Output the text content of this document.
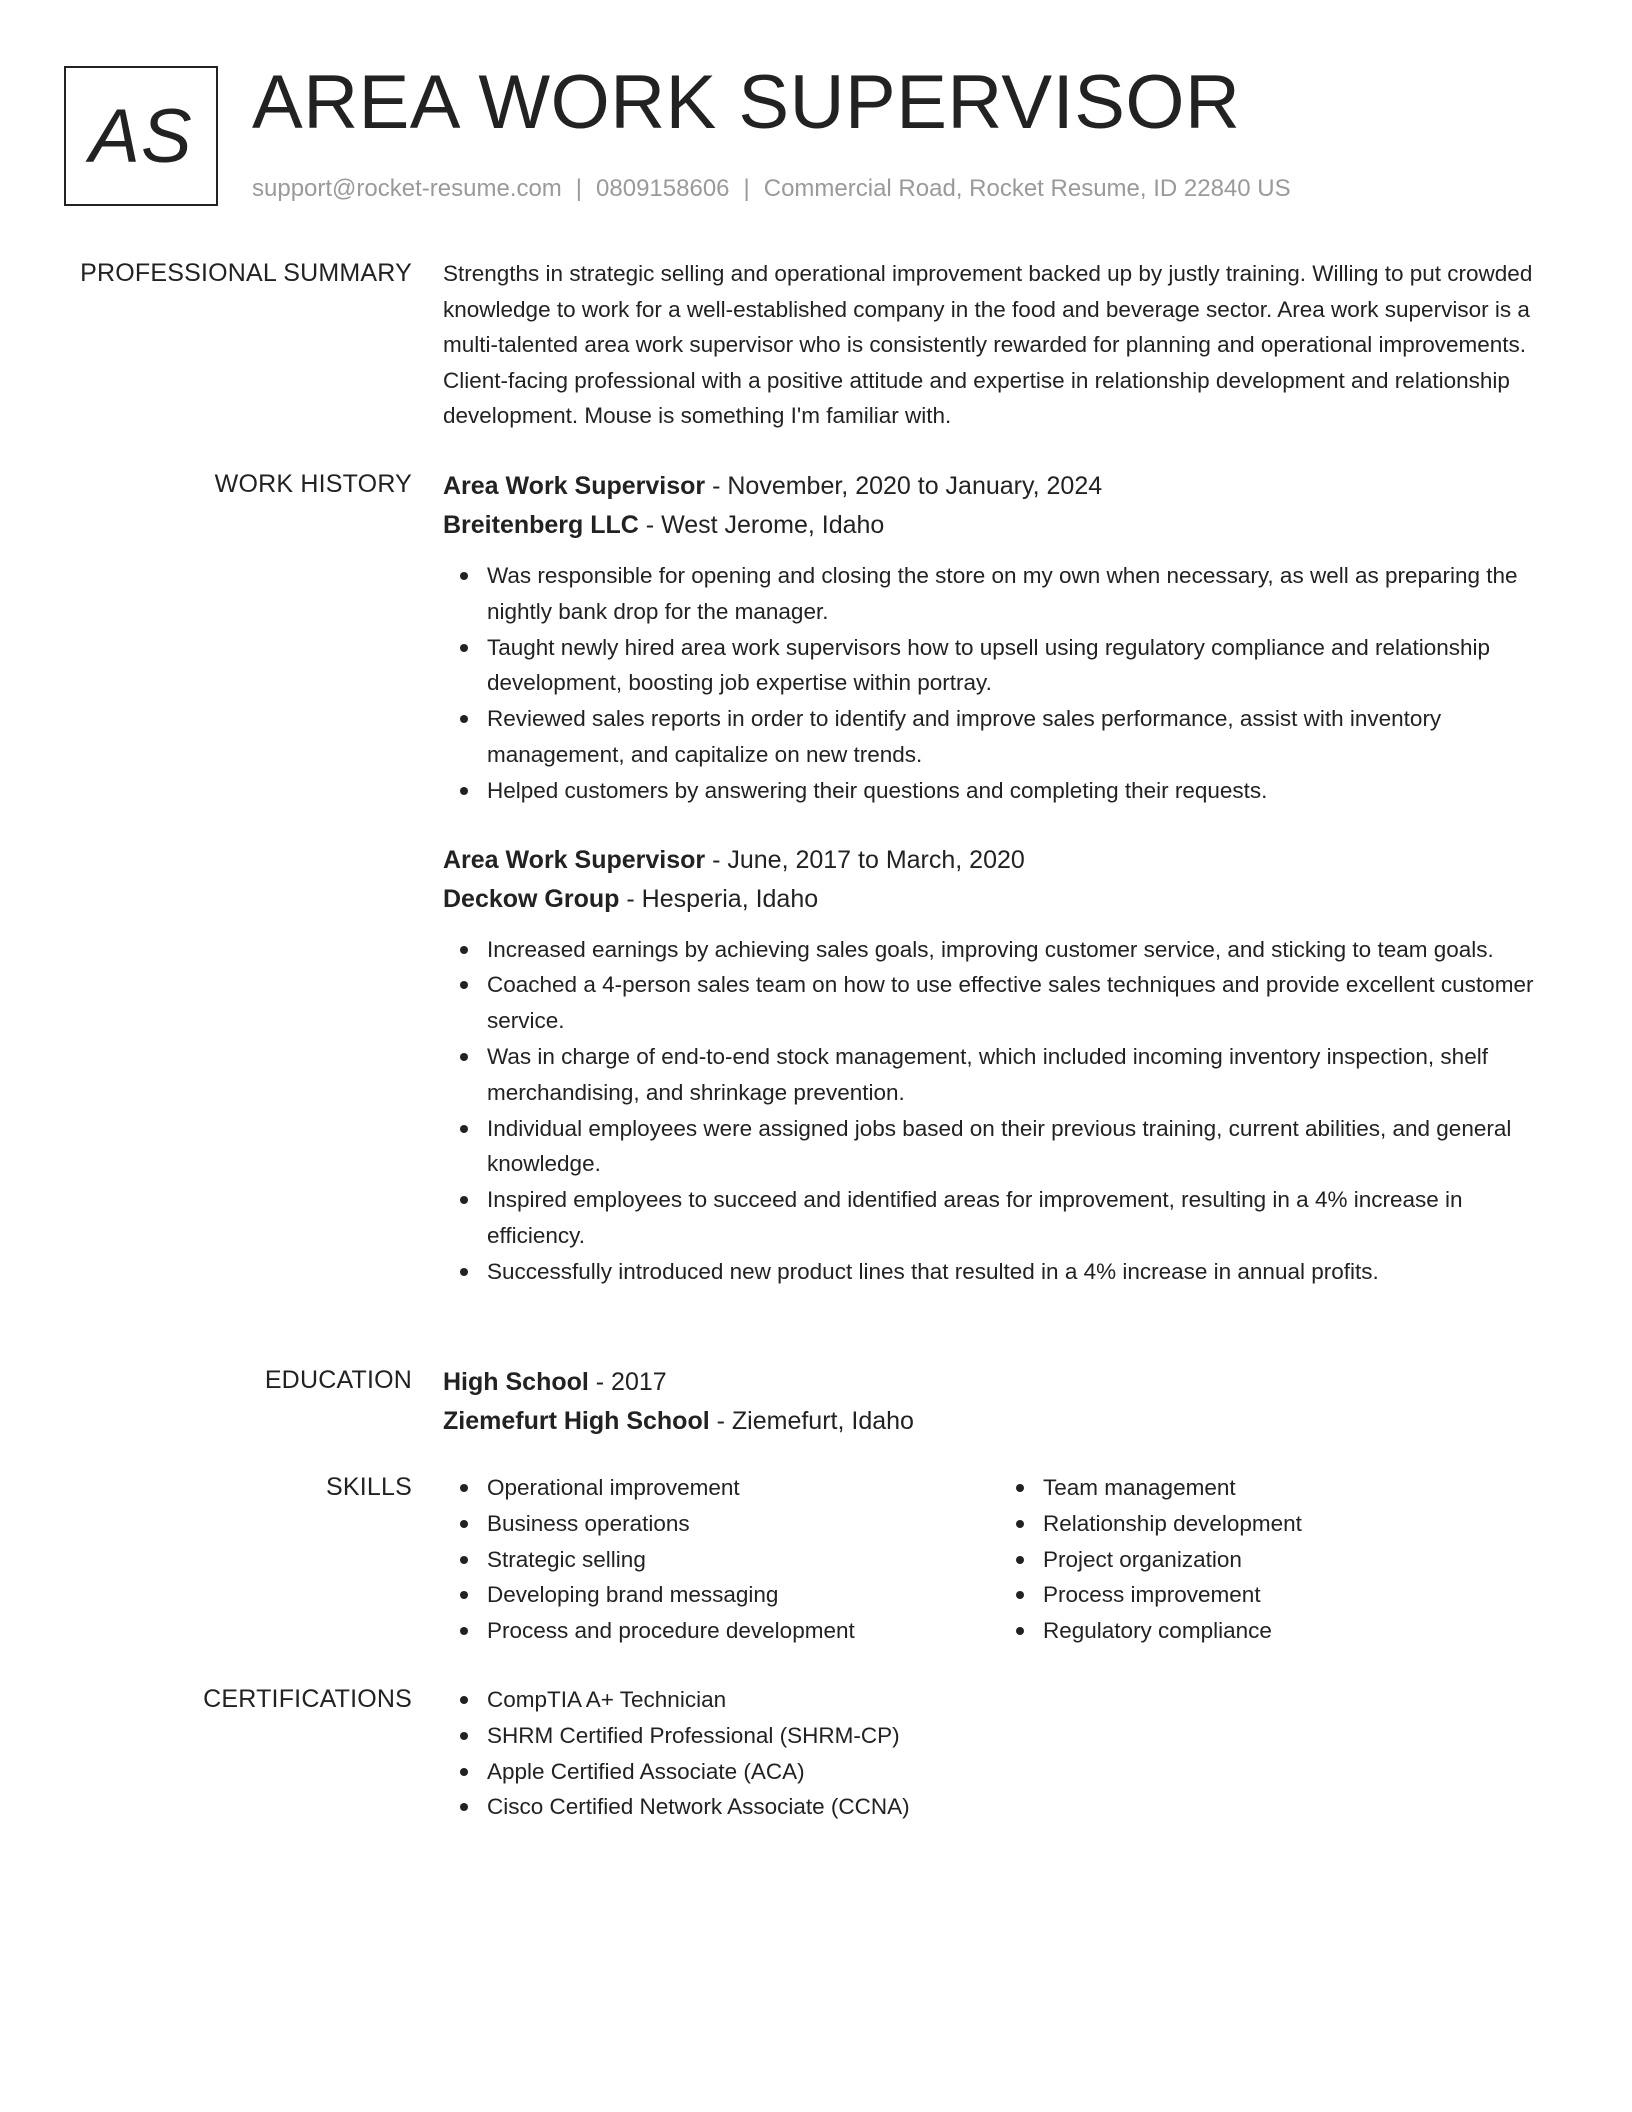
AS AREA WORK SUPERVISOR
support@rocket-resume.com | 0809158606 | Commercial Road, Rocket Resume, ID 22840 US
PROFESSIONAL SUMMARY Strengths in strategic selling and operational improvement backed up by justly training. Willing to put crowded knowledge to work for a well-established company in the food and beverage sector. Area work supervisor is a multi-talented area work supervisor who is consistently rewarded for planning and operational improvements. Client-facing professional with a positive attitude and expertise in relationship development and relationship development. Mouse is something I'm familiar with.

WORK HISTORY Area Work Supervisor - November, 2020 to January, 2024
Breitenberg LLC - West Jerome, Idaho
Was responsible for opening and closing the store on my own when necessary, as well as preparing the nightly bank drop for the manager.
Taught newly hired area work supervisors how to upsell using regulatory compliance and relationship development, boosting job expertise within portray.
Reviewed sales reports in order to identify and improve sales performance, assist with inventory management, and capitalize on new trends.
Helped customers by answering their questions and completing their requests.
Area Work Supervisor - June, 2017 to March, 2020
Deckow Group - Hesperia, Idaho
Increased earnings by achieving sales goals, improving customer service, and sticking to team goals.
Coached a 4-person sales team on how to use effective sales techniques and provide excellent customer service.
Was in charge of end-to-end stock management, which included incoming inventory inspection, shelf merchandising, and shrinkage prevention.
Individual employees were assigned jobs based on their previous training, current abilities, and general knowledge.
Inspired employees to succeed and identified areas for improvement, resulting in a 4% increase in efficiency.
Successfully introduced new product lines that resulted in a 4% increase in annual profits.
EDUCATION High School - 2017
Ziemefurt High School - Ziemefurt, Idaho
SKILLS	Operational improvement
Business operations
Strategic selling
Developing brand messaging
Process and procedure development
Team management
Relationship development
Project organization
Process improvement
Regulatory compliance
CERTIFICATIONS	CompTIA A+ Technician
SHRM Certified Professional (SHRM-CP)
Apple Certified Associate (ACA)
Cisco Certified Network Associate (CCNA)
